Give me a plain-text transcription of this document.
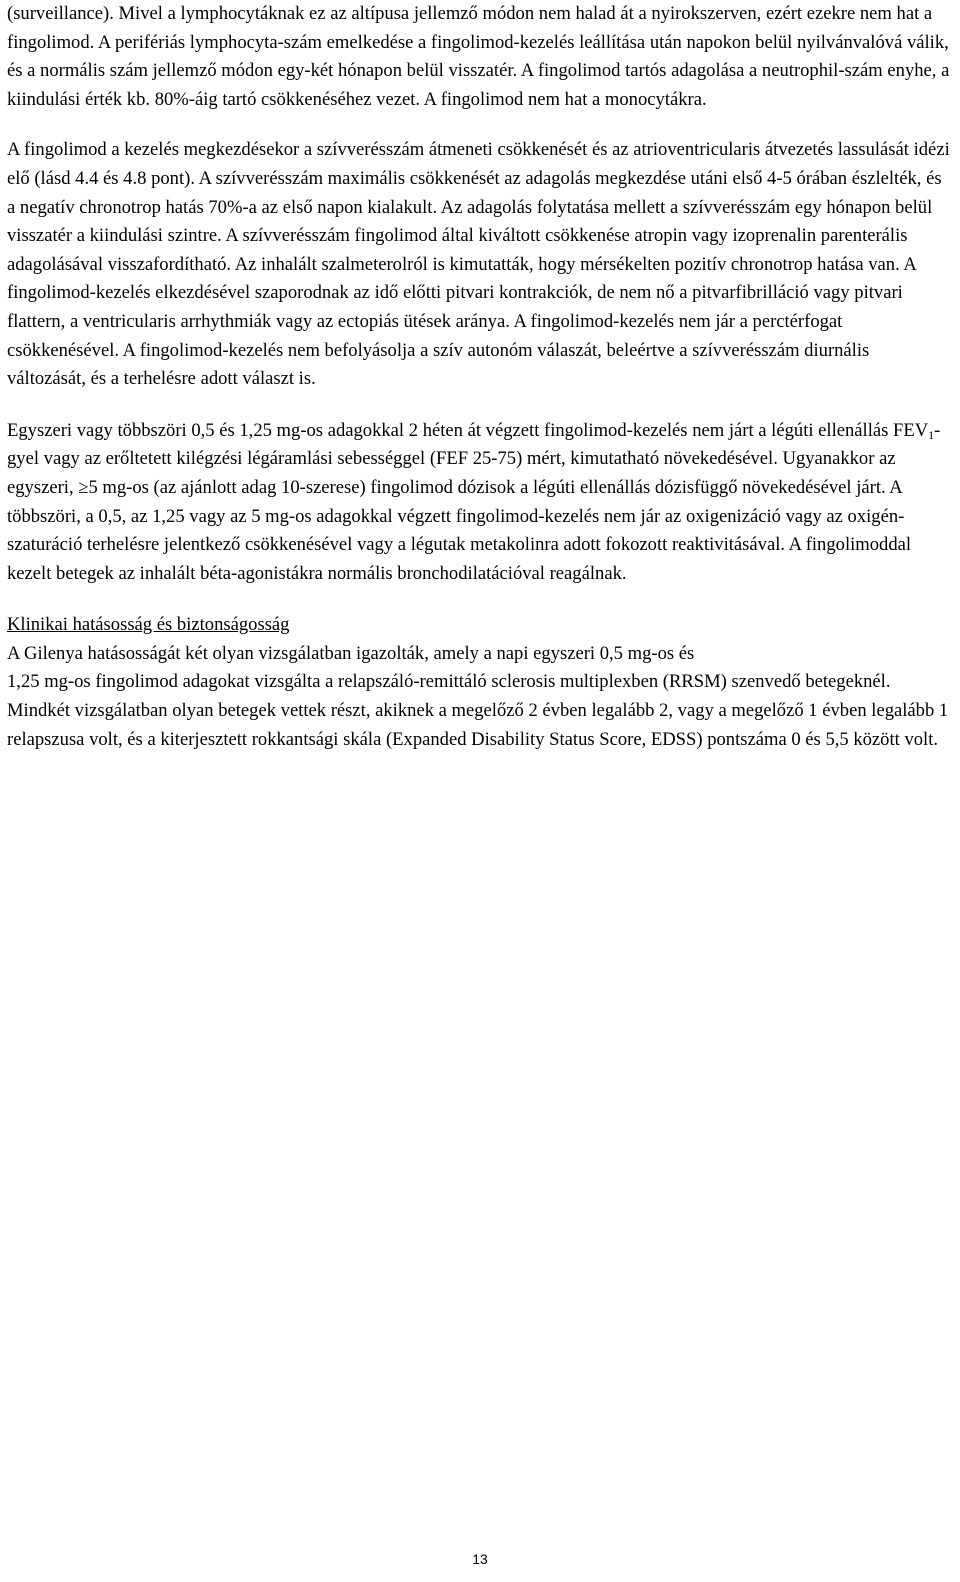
(surveillance). Mivel a lymphocytáknak ez az altípusa jellemző módon nem halad át a nyirokszerven, ezért ezekre nem hat a fingolimod. A perifériás lymphocyta-szám emelkedése a fingolimod-kezelés leállítása után napokon belül nyilvánvalóvá válik, és a normális szám jellemző módon egy-két hónapon belül visszatér. A fingolimod tartós adagolása a neutrophil-szám enyhe, a kiindulási érték kb. 80%-áig tartó csökkenéséhez vezet. A fingolimod nem hat a monocytákra.

A fingolimod a kezelés megkezdésekor a szívverésszám átmeneti csökkenését és az atrioventricularis átvezetés lassulását idézi elő (lásd 4.4 és 4.8 pont). A szívverésszám maximális csökkenését az adagolás megkezdése utáni első 4-5 órában észlelték, és a negatív chronotrop hatás 70%-a az első napon kialakult. Az adagolás folytatása mellett a szívverésszám egy hónapon belül visszatér a kiindulási szintre. A szívverésszám fingolimod által kiváltott csökkenése atropin vagy izoprenalin parenterális adagolásával visszafordítható. Az inhalált szalmeterolról is kimutatták, hogy mérsékelten pozitív chronotrop hatása van. A fingolimod-kezelés elkezdésével szaporodnak az idő előtti pitvari kontrakciók, de nem nő a pitvarfibrilláció vagy pitvari flattern, a ventricularis arrhythmiák vagy az ectopiás ütések aránya. A fingolimod-kezelés nem jár a perctérfogat csökkenésével. A fingolimod-kezelés nem befolyásolja a szív autonóm válaszát, beleértve a szívverésszám diurnális változását, és a terhelésre adott választ is.

Egyszeri vagy többszöri 0,5 és 1,25 mg-os adagokkal 2 héten át végzett fingolimod-kezelés nem járt a légúti ellenállás $FEV_1$-gyel vagy az erőltetett kilégzési légáramlási sebességgel (FEF 25-75) mért, kimutatható növekedésével. Ugyanakkor az egyszeri, ≥5 mg-os (az ajánlott adag 10-szerese) fingolimod dózisok a légúti ellenállás dózisfüggő növekedésével járt. A többszöri, a 0,5, az 1,25 vagy az 5 mg-os adagokkal végzett fingolimod-kezelés nem jár az oxigenizáció vagy az oxigén-szaturáció terhelésre jelentkező csökkenésével vagy a légutak metakolinra adott fokozott reaktivitásával. A fingolimoddal kezelt betegek az inhalált béta-agonistákra normális bronchodilatációval reagálnak.

Klinikai hatásosság és biztonságosság
A Gilenya hatásosságát két olyan vizsgálatban igazolták, amely a napi egyszeri 0,5 mg-os és
1,25 mg-os fingolimod adagokat vizsgálta a relapszáló-remittáló sclerosis multiplexben (RRSM) szenvedő betegeknél. Mindkét vizsgálatban olyan betegek vettek részt, akiknek a megelőző 2 évben legalább 2, vagy a megelőző 1 évben legalább 1 relapszusa volt, és a kiterjesztett rokkantsági skála (Expanded Disability Status Score, EDSS) pontszáma 0 és 5,5 között volt.

13
